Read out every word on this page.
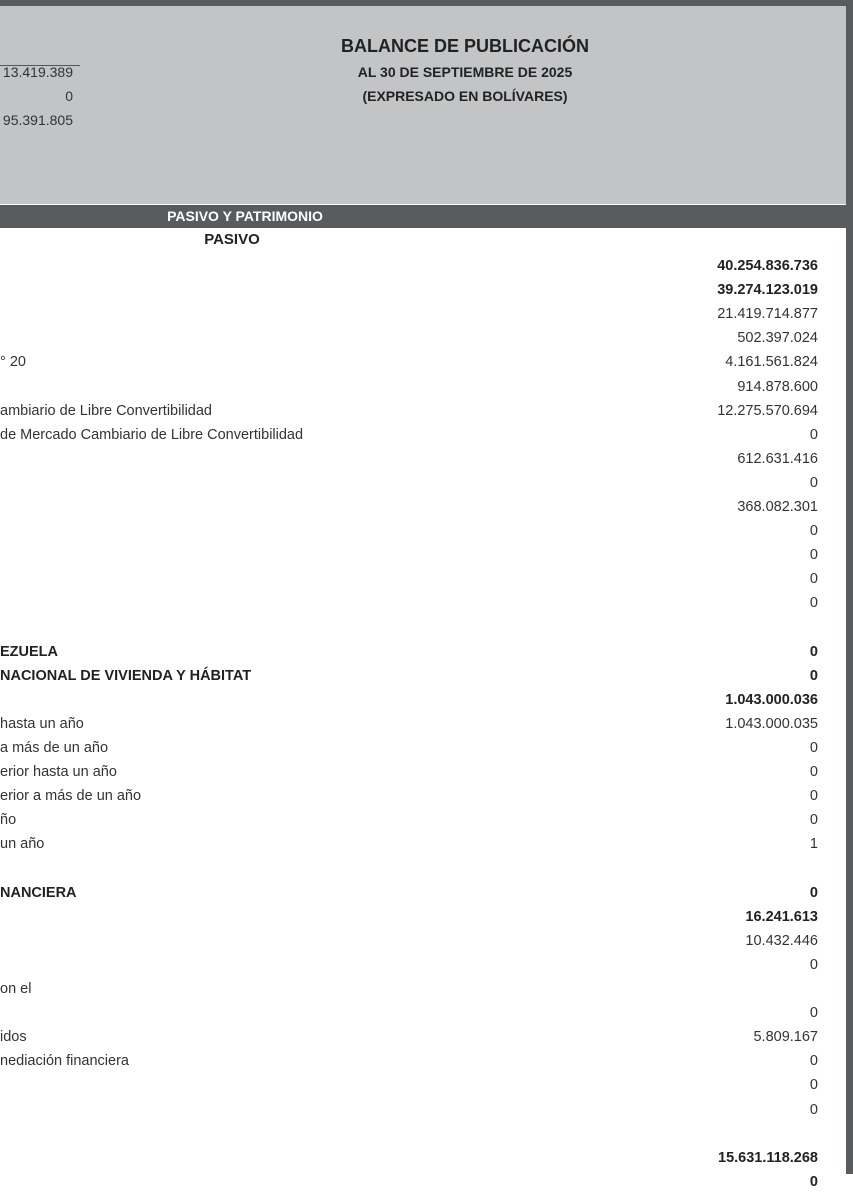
13.419.389
0
95.391.805
BALANCE DE PUBLICACIÓN
AL 30 DE SEPTIEMBRE DE 2025
(EXPRESADO EN BOLÍVARES)
PASIVO Y PATRIMONIO
PASIVO
40.254.836.736
39.274.123.019
21.419.714.877
502.397.024
° 20	4.161.561.824
914.878.600
ambiario de Libre Convertibilidad	12.275.570.694
de Mercado Cambiario de Libre Convertibilidad	0
612.631.416
0
368.082.301
0
0
0
0
EZUELA	0
NACIONAL DE VIVIENDA Y HÁBITAT	0
1.043.000.036
hasta un año	1.043.000.035
a más de un año	0
erior hasta un año	0
erior a más de un año	0
ño	0
un año	1
NANCIERA	0
16.241.613
10.432.446
0
on el
0
idos	5.809.167
nediación financiera	0
0
0
15.631.118.268
0
